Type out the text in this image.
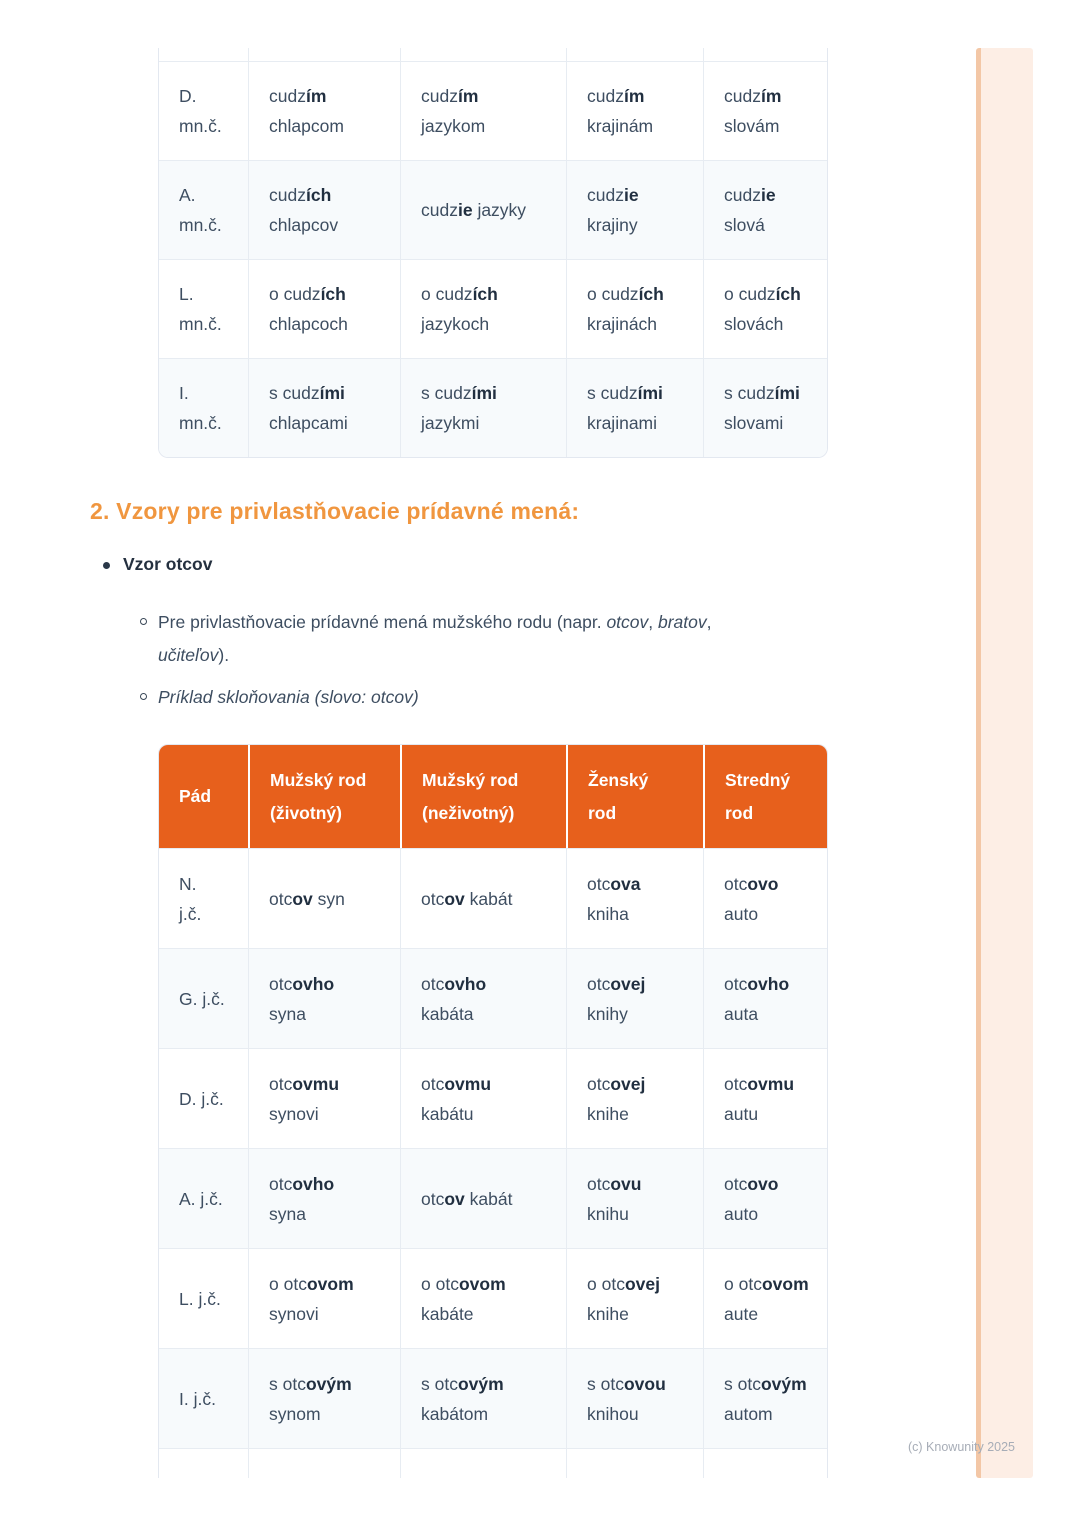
D.
mn.č.
cudzím
chlapcom
cudzím
jazykom
cudzím
krajinám
cudzím
slovám
A.
mn.č.
cudzích
chlapcov
cudzie jazyky
cudzie
krajiny
cudzie
slová
L.
mn.č.
o cudzích
chlapcoch
o cudzích
jazykoch
o cudzích
krajinách
o cudzích
slovách
I.
mn.č.
s cudzími
chlapcami
s cudzími
jazykmi
s cudzími
krajinami
s cudzími
slovami
2. Vzory pre privlastňovacie prídavné mená:
Vzor otcov
Pre privlastňovacie prídavné mená mužského rodu (napr. otcov, bratov,
učiteľov).
Príklad skloňovania (slovo: otcov)
Pád
Mužský rod
(životný)
Mužský rod
(neživotný)
Ženský
rod
Stredný
rod
N.
j.č.
otcov syn	otcov kabát
otcova
kniha
otcovo
auto
G. j.č.
otcovho
syna
otcovho
kabáta
otcovej
knihy
otcovho
auta
D. j.č.
otcovmu
synovi
otcovmu
kabátu
otcovej
knihe
otcovmu
autu
A. j.č.
otcovho
syna
otcov kabát
otcovu
knihu
otcovo
auto
L. j.č.
o otcovom
synovi
o otcovom
kabáte
o otcovej
knihe
o otcovom
aute
I. j.č.
s otcovým
synom
s otcovým
kabátom
s otcovou
knihou
s otcovým
autom
(c) Knowunity 2025
